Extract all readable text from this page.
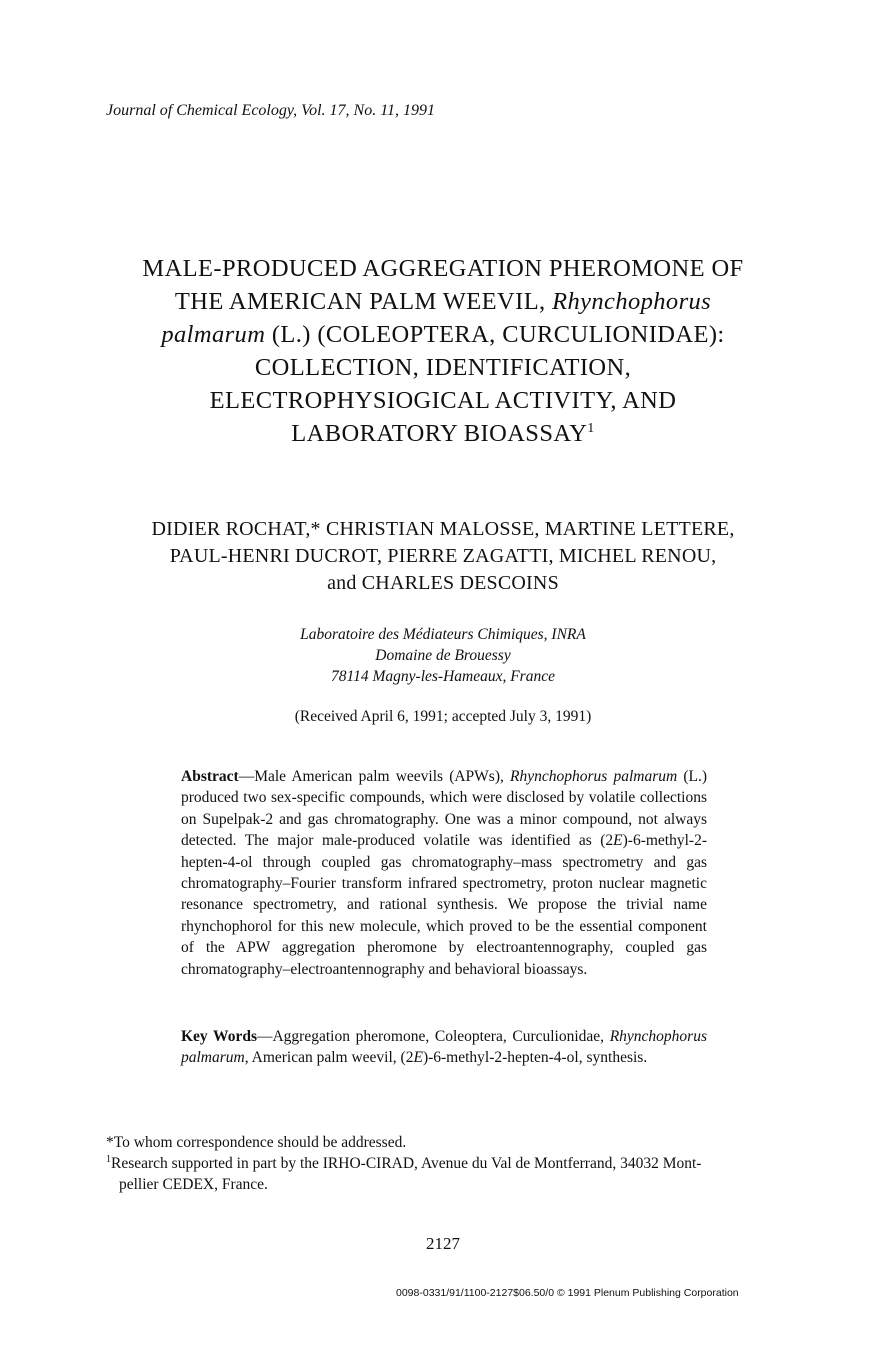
Journal of Chemical Ecology, Vol. 17, No. 11, 1991
MALE-PRODUCED AGGREGATION PHEROMONE OF
THE AMERICAN PALM WEEVIL, Rhynchophorus
palmarum (L.) (COLEOPTERA, CURCULIONIDAE):
COLLECTION, IDENTIFICATION,
ELECTROPHYSIOGICAL ACTIVITY, AND
LABORATORY BIOASSAY$^1$
DIDIER ROCHAT,* CHRISTIAN MALOSSE, MARTINE LETTERE,
PAUL-HENRI DUCROT, PIERRE ZAGATTI, MICHEL RENOU,
and CHARLES DESCOINS
Laboratoire des Médiateurs Chimiques, INRA
Domaine de Brouessy
78114 Magny-les-Hameaux, France
(Received April 6, 1991; accepted July 3, 1991)
Abstract—Male American palm weevils (APWs), Rhynchophorus palmarum (L.) produced two sex-specific compounds, which were disclosed by volatile collections on Supelpak-2 and gas chromatography. One was a minor compound, not always detected. The major male-produced volatile was identified as (2E)-6-methyl-2-hepten-4-ol through coupled gas chromatography–mass spectrometry and gas chromatography–Fourier transform infrared spectrometry, proton nuclear magnetic resonance spectrometry, and rational synthesis. We propose the trivial name rhynchophorol for this new molecule, which proved to be the essential component of the APW aggregation pheromone by electroantennography, coupled gas chromatography–electroantennography and behavioral bioassays.
Key Words—Aggregation pheromone, Coleoptera, Curculionidae, Rhynchophorus palmarum, American palm weevil, (2E)-6-methyl-2-hepten-4-ol, synthesis.
*To whom correspondence should be addressed.
$^1$Research supported in part by the IRHO-CIRAD, Avenue du Val de Montferrand, 34032 Mont-
pellier CEDEX, France.
2127
0098-0331/91/1100-2127$06.50/0 © 1991 Plenum Publishing Corporation
